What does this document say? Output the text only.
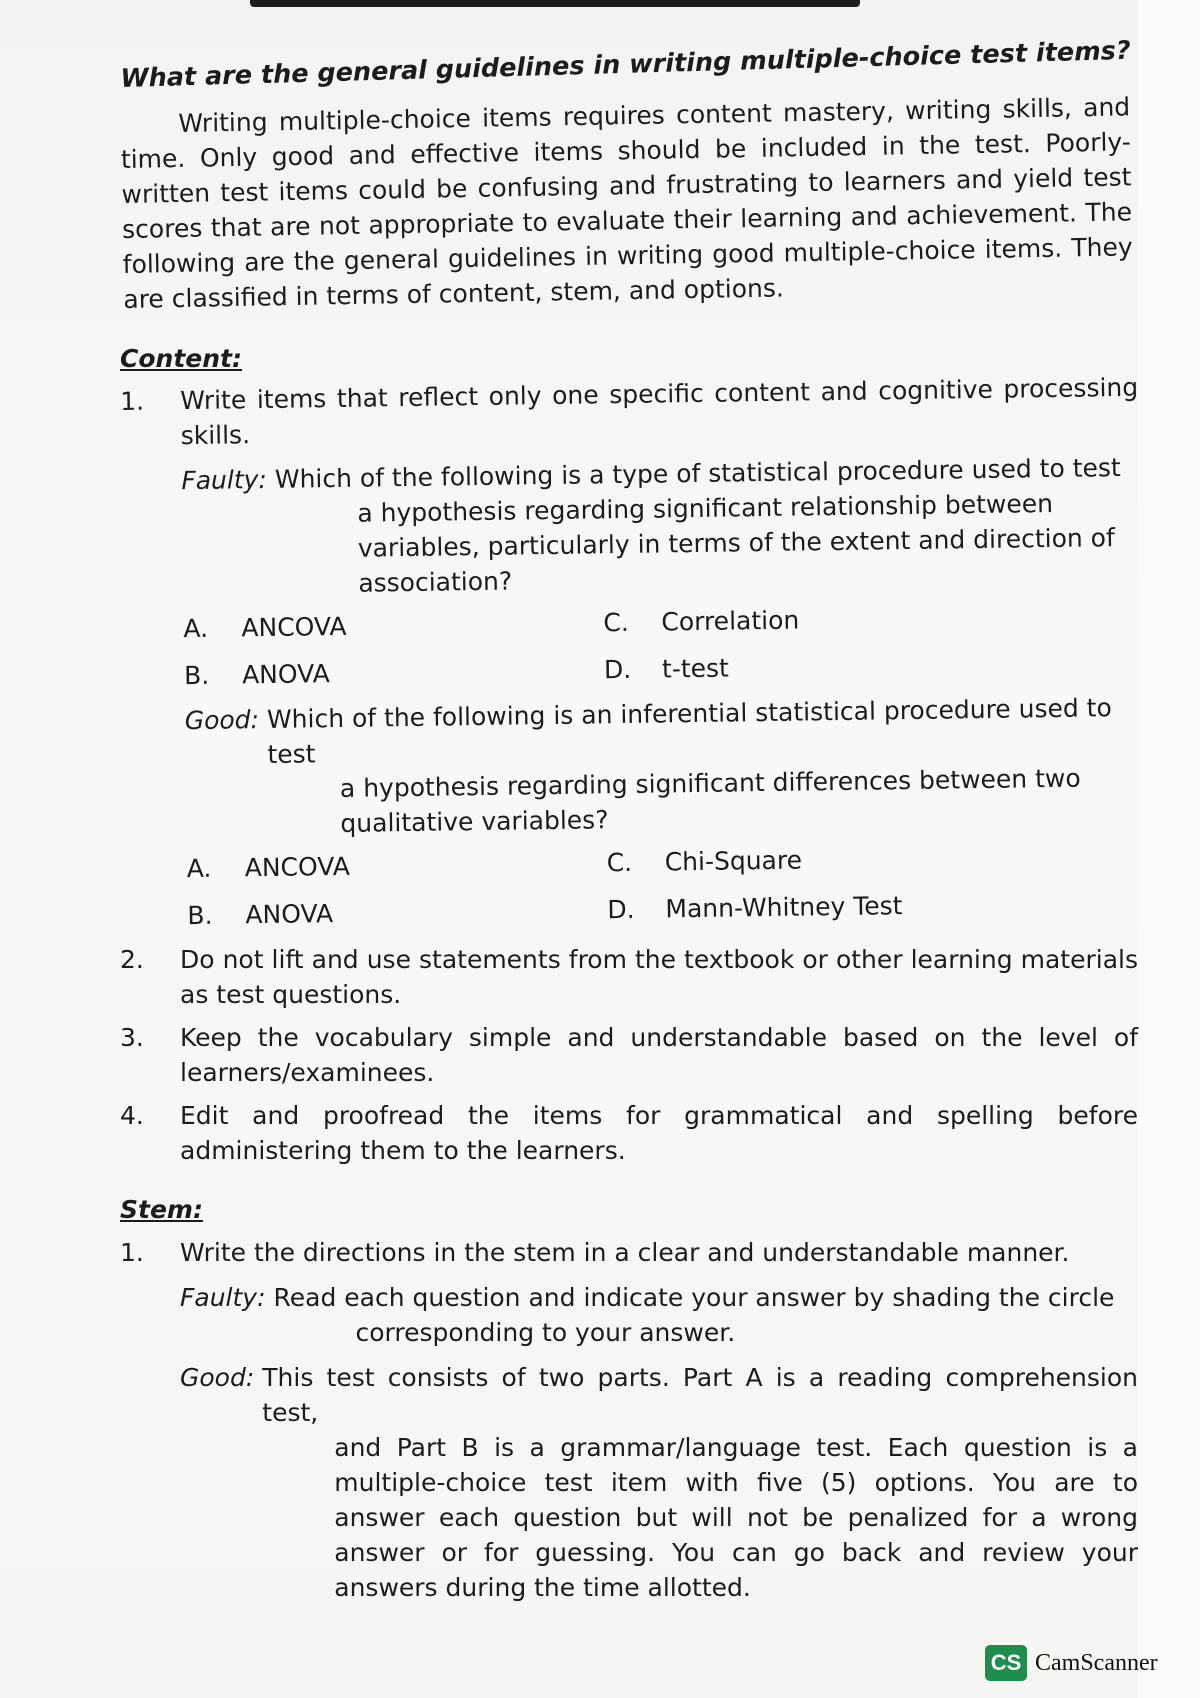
What are the general guidelines in writing multiple-choice test items?

Writing multiple-choice items requires content mastery, writing skills, and time. Only good and effective items should be included in the test. Poorly-written test items could be confusing and frustrating to learners and yield test scores that are not appropriate to evaluate their learning and achievement. The following are the general guidelines in writing good multiple-choice items. They are classified in terms of content, stem, and options.

Content:
1.	Write items that reflect only one specific content and cognitive processing skills.
Faulty: Which of the following is a type of statistical procedure used to test
a hypothesis regarding significant relationship between variables, particularly in terms of the extent and direction of association?
A.	ANCOVA	C.	Correlation
B.	ANOVA	D.	t-test
Good: Which of the following is an inferential statistical procedure used to test
a hypothesis regarding significant differences between two qualitative variables?
A.	ANCOVA	C.	Chi-Square
B.	ANOVA	D.	Mann-Whitney Test
2.	Do not lift and use statements from the textbook or other learning materials as test questions.
3.	Keep the vocabulary simple and understandable based on the level of learners/examinees.
4.	Edit and proofread the items for grammatical and spelling before administering them to the learners.
Stem:
1.	Write the directions in the stem in a clear and understandable manner.
Faulty: Read each question and indicate your answer by shading the circle
corresponding to your answer.
Good: This test consists of two parts. Part A is a reading comprehension test,
and Part B is a grammar/language test. Each question is a multiple-choice test item with five (5) options. You are to answer each question but will not be penalized for a wrong answer or for guessing. You can go back and review your answers during the time allotted.
CS CamScanner
